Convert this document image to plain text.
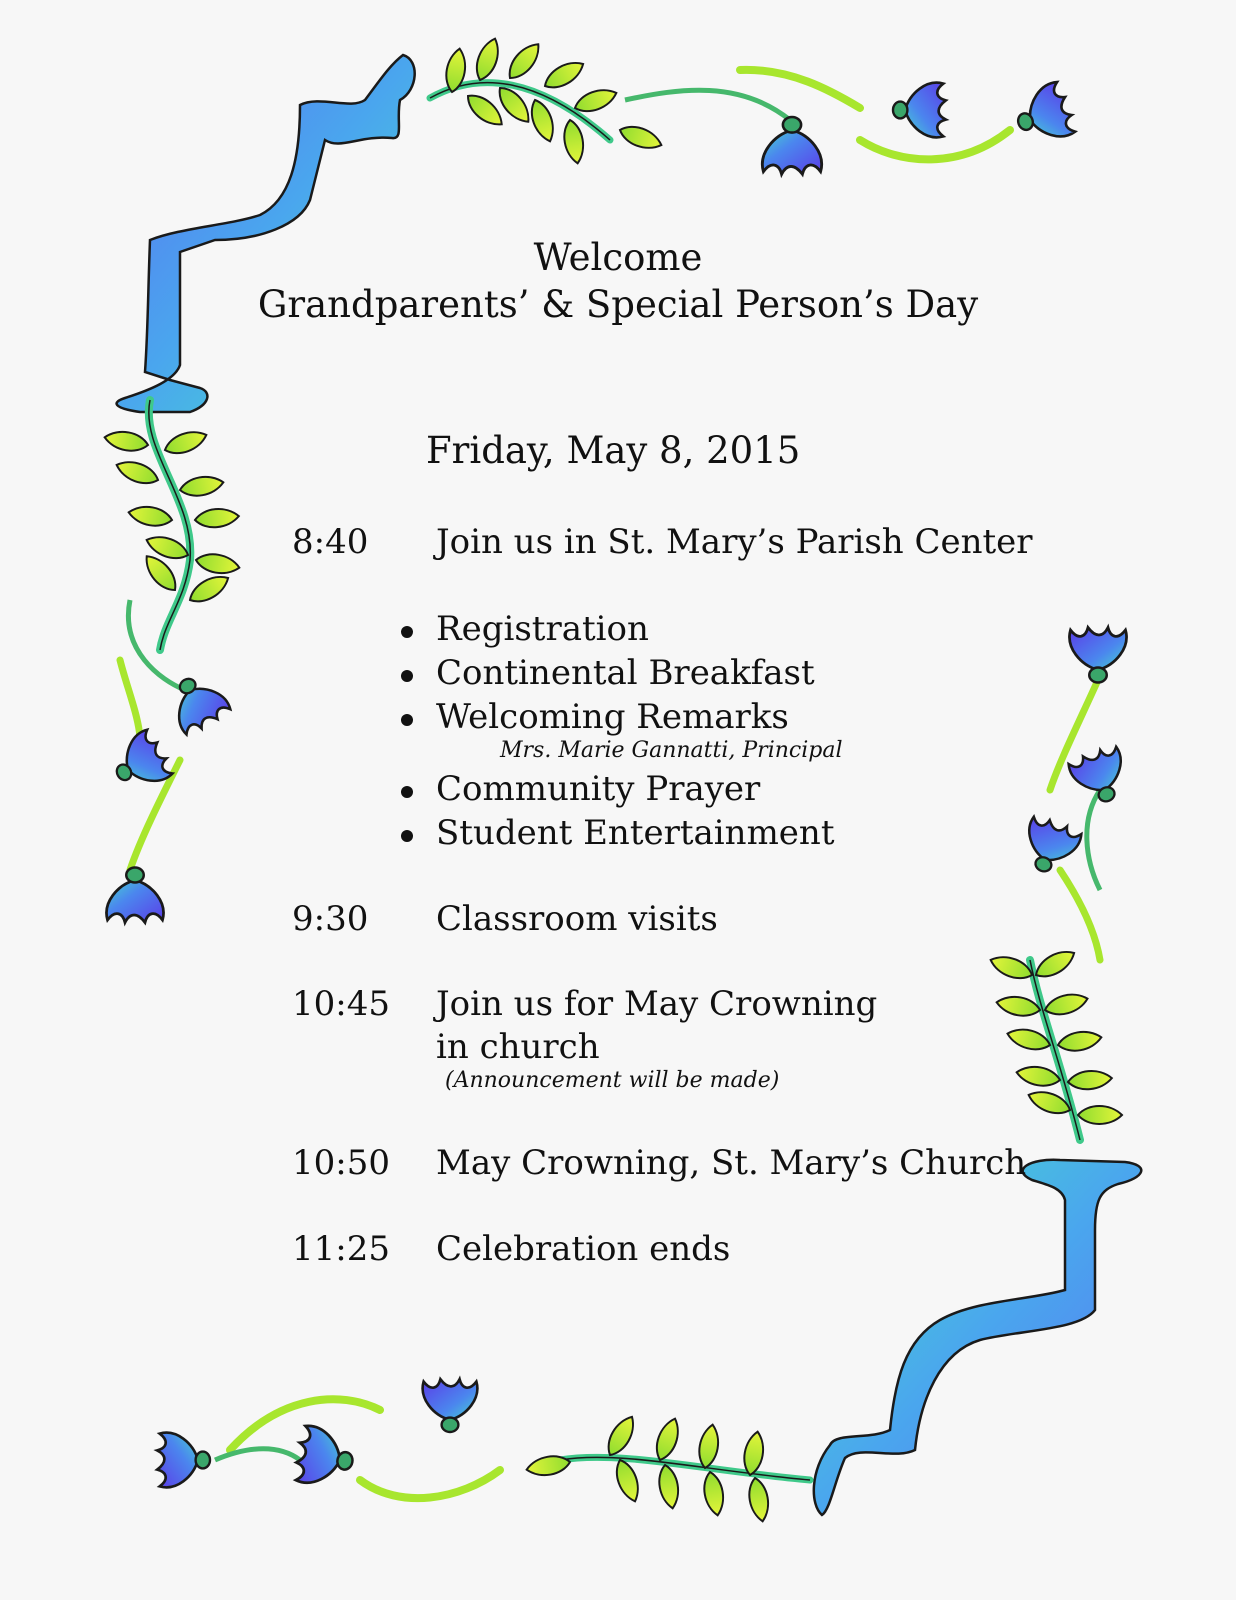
Welcome
Grandparents’ & Special Person’s Day
Friday, May 8, 2015
8:40 Join us in St. Mary’s Parish Center
Registration
Continental Breakfast
Welcoming Remarks
Mrs. Marie Gannatti, Principal
Community Prayer
Student Entertainment
9:30 Classroom visits
10:45 Join us for May Crowning
in church
(Announcement will be made)
10:50 May Crowning, St. Mary’s Church
11:25 Celebration ends
